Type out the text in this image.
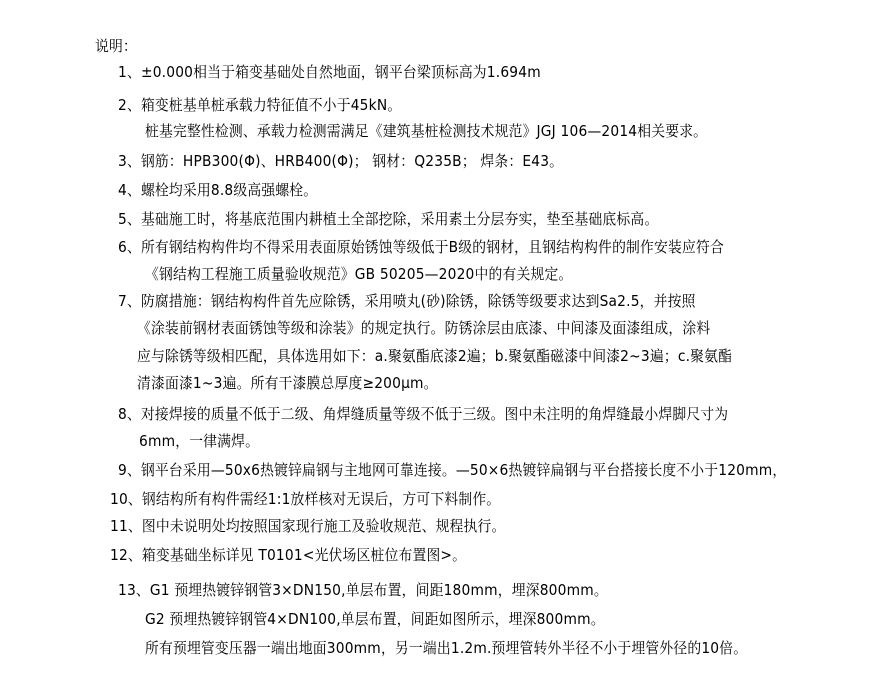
说明：
1、±0.000相当于箱变基础处自然地面，钢平台梁顶标高为1.694m
2、箱变桩基单桩承载力特征值不小于45kN。
桩基完整性检测、承载力检测需满足《建筑基桩检测技术规范》JGJ 106—2014相关要求。
3、钢筋：HPB300(Φ)、HRB400(Φ)； 钢材：Q235B； 焊条：E43。
4、螺栓均采用8.8级高强螺栓。
5、基础施工时，将基底范围内耕植土全部挖除，采用素土分层夯实，垫至基础底标高。
6、所有钢结构构件均不得采用表面原始锈蚀等级低于B级的钢材，且钢结构构件的制作安装应符合
《钢结构工程施工质量验收规范》GB 50205—2020中的有关规定。
7、防腐措施：钢结构构件首先应除锈，采用喷丸(砂)除锈，除锈等级要求达到Sa2.5，并按照
《涂装前钢材表面锈蚀等级和涂装》的规定执行。防锈涂层由底漆、中间漆及面漆组成，涂料
应与除锈等级相匹配，具体选用如下：a.聚氨酯底漆2遍；b.聚氨酯磁漆中间漆2~3遍；c.聚氨酯
清漆面漆1~3遍。所有干漆膜总厚度≥200μm。
8、对接焊接的质量不低于二级、角焊缝质量等级不低于三级。图中未注明的角焊缝最小焊脚尺寸为
6mm，一律满焊。
9、钢平台采用—50x6热镀锌扁钢与主地网可靠连接。—50×6热镀锌扁钢与平台搭接长度不小于120mm，
10、钢结构所有构件需经1:1放样核对无误后，方可下料制作。
11、图中未说明处均按照国家现行施工及验收规范、规程执行。
12、箱变基础坐标详见 T0101<光伏场区桩位布置图>。
13、G1 预埋热镀锌钢管3×DN150,单层布置，间距180mm，埋深800mm。
G2 预埋热镀锌钢管4×DN100,单层布置，间距如图所示，埋深800mm。
所有预埋管变压器一端出地面300mm，另一端出1.2m.预埋管转外半径不小于埋管外径的10倍。
